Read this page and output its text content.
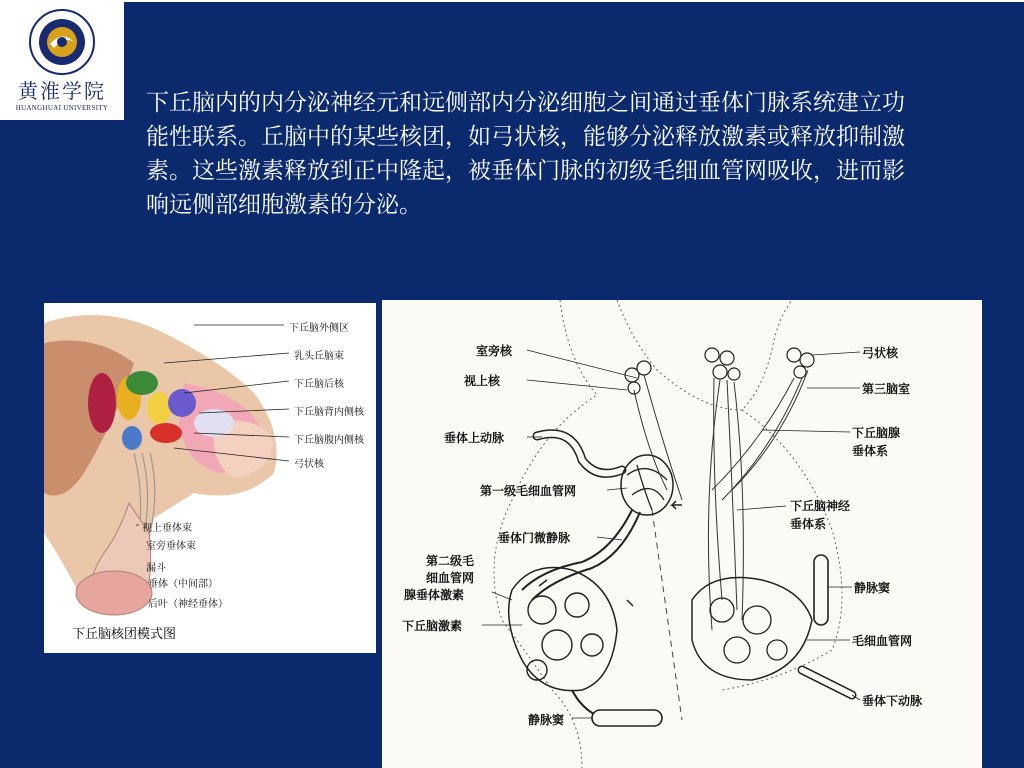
黄淮学院
HUANGHUAI UNIVERSITY	下丘脑内的内分泌神经元和远侧部内分泌细胞之间通过垂体门脉系统建立功能性联系。丘脑中的某些核团，如弓状核，能够分泌释放激素或释放抑制激素。这些激素释放到正中隆起，被垂体门脉的初级毛细血管网吸收，进而影响远侧部细胞激素的分泌。
下丘脑外侧区
乳头丘脑束
下丘脑后核
下丘脑背内侧核
下丘脑腹内侧核
弓状核
视上垂体束
室旁垂体束
漏斗
垂体（中间部）
后叶（神经垂体）
下丘脑核团模式图
室旁核
视上核
垂体上动脉
第一级毛细血管网
垂体门微静脉
第二级毛
细血管网
腺垂体激素
下丘脑激素
静脉窦
弓状核
第三脑室
下丘脑腺
垂体系
下丘脑神经
垂体系
静脉窦
毛细血管网
垂体下动脉
